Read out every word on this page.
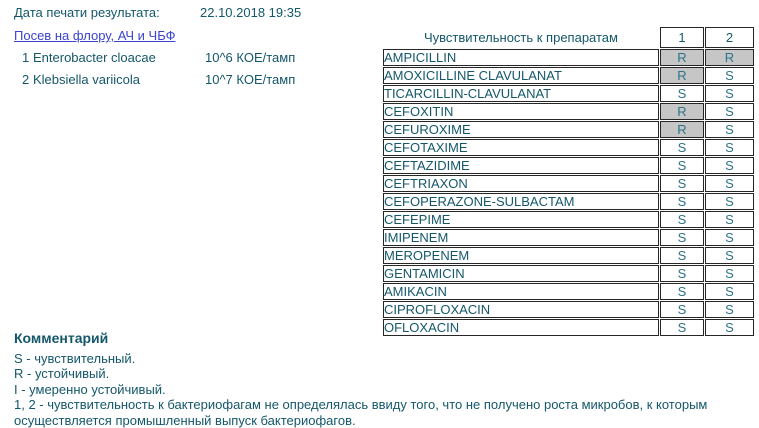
Дата печати результата:	22.10.2018 19:35
Посев на флору, АЧ и ЧБФ
1 Enterobacter cloacae	10^6 КОЕ/тамп
2 Klebsiella variicola	10^7 КОЕ/тамп
Чувствительность к препаратам	1	2
AMPICILLIN	R	R
AMOXICILLINE CLAVULANAT	R	S
TICARCILLIN-CLAVULANAT	S	S
CEFOXITIN	R	S
CEFUROXIME	R	S
CEFOTAXIME	S	S
CEFTAZIDIME	S	S
CEFTRIAXON	S	S
CEFOPERAZONE-SULBACTAM	S	S
CEFEPIME	S	S
IMIPENEM	S	S
MEROPENEM	S	S
GENTAMICIN	S	S
AMIKACIN	S	S
CIPROFLOXACIN	S	S
OFLOXACIN	S	S
Комментарий
S - чувствительный.
R - устойчивый.
I - умеренно устойчивый.
1, 2 - чувствительность к бактериофагам не определялась ввиду того, что не получено роста микробов, к которым осуществляется промышленный выпуск бактериофагов.
